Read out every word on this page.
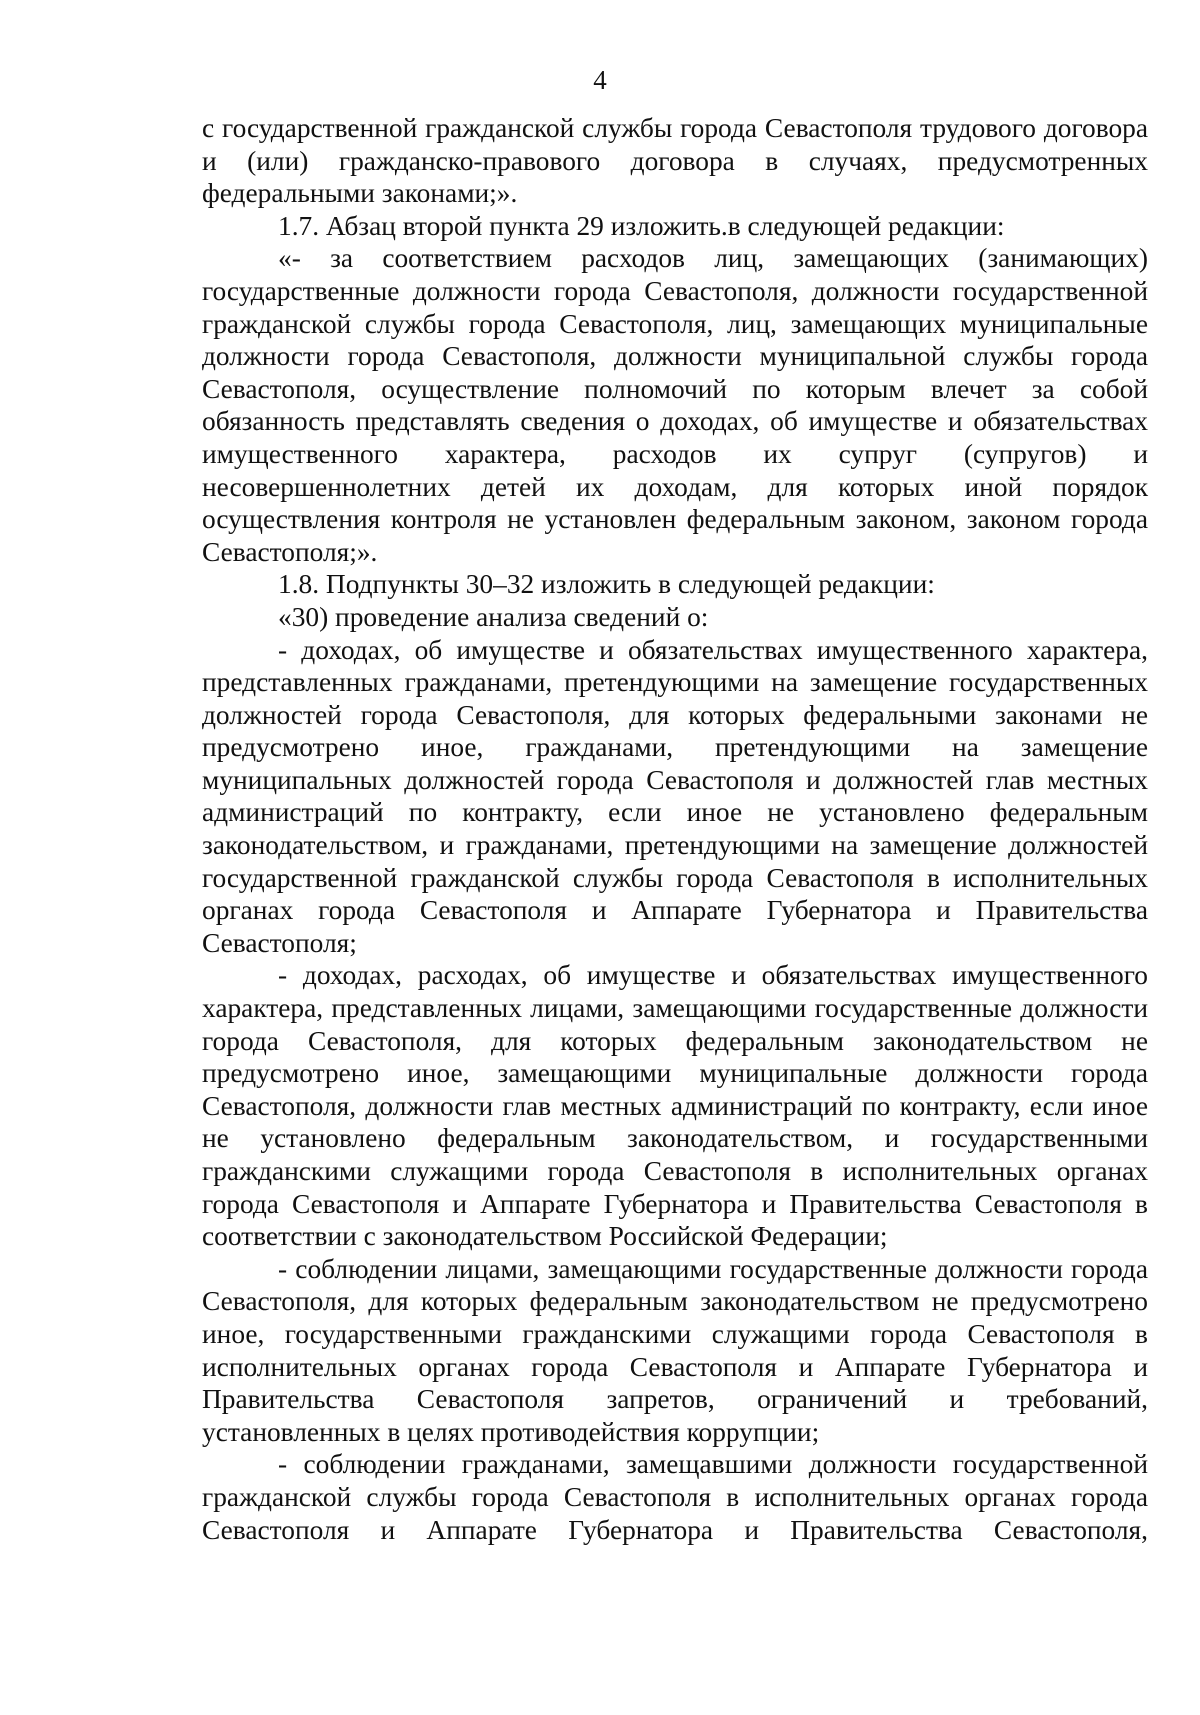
4

с государственной гражданской службы города Севастополя трудового договора и (или) гражданско-правового договора в случаях, предусмотренных федеральными законами;».

1.7. Абзац второй пункта 29 изложить.в следующей редакции:

«- за соответствием расходов лиц, замещающих (занимающих) государственные должности города Севастополя, должности государственной гражданской службы города Севастополя, лиц, замещающих муниципальные должности города Севастополя, должности муниципальной службы города Севастополя, осуществление полномочий по которым влечет за собой обязанность представлять сведения о доходах, об имуществе и обязательствах имущественного характера, расходов их супруг (супругов) и несовершеннолетних детей их доходам, для которых иной порядок осуществления контроля не установлен федеральным законом, законом города Севастополя;».

1.8. Подпункты 30–32 изложить в следующей редакции:

«30) проведение анализа сведений о:

- доходах, об имуществе и обязательствах имущественного характера, представленных гражданами, претендующими на замещение государственных должностей города Севастополя, для которых федеральными законами не предусмотрено иное, гражданами, претендующими на замещение муниципальных должностей города Севастополя и должностей глав местных администраций по контракту, если иное не установлено федеральным законодательством, и гражданами, претендующими на замещение должностей государственной гражданской службы города Севастополя в исполнительных органах города Севастополя и Аппарате Губернатора и Правительства Севастополя;

- доходах, расходах, об имуществе и обязательствах имущественного характера, представленных лицами, замещающими государственные должности города Севастополя, для которых федеральным законодательством не предусмотрено иное, замещающими муниципальные должности города Севастополя, должности глав местных администраций по контракту, если иное не установлено федеральным законодательством, и государственными гражданскими служащими города Севастополя в исполнительных органах города Севастополя и Аппарате Губернатора и Правительства Севастополя в соответствии с законодательством Российской Федерации;

- соблюдении лицами, замещающими государственные должности города Севастополя, для которых федеральным законодательством не предусмотрено иное, государственными гражданскими служащими города Севастополя в исполнительных органах города Севастополя и Аппарате Губернатора и Правительства Севастополя запретов, ограничений и требований, установленных в целях противодействия коррупции;

- соблюдении гражданами, замещавшими должности государственной гражданской службы города Севастополя в исполнительных органах города Севастополя и Аппарате Губернатора и Правительства Севастополя,
